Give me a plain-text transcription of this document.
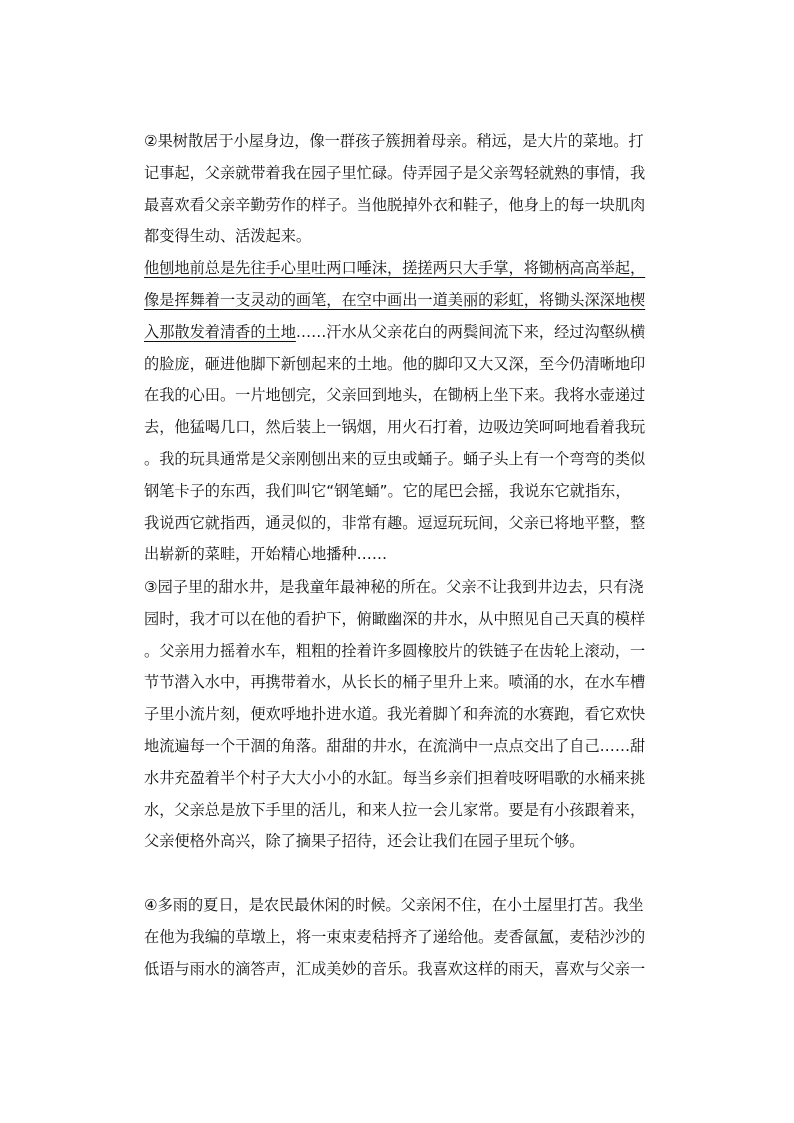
②果树散居于小屋身边，像一群孩子簇拥着母亲。稍远，是大片的菜地。打
记事起，父亲就带着我在园子里忙碌。侍弄园子是父亲驾轻就熟的事情，我
最喜欢看父亲辛勤劳作的样子。当他脱掉外衣和鞋子，他身上的每一块肌肉
都变得生动、活泼起来。
他刨地前总是先往手心里吐两口唾沫，搓搓两只大手掌，将锄柄高高举起，
像是挥舞着一支灵动的画笔，在空中画出一道美丽的彩虹，将锄头深深地楔
入那散发着清香的土地……汗水从父亲花白的两鬓间流下来，经过沟壑纵横
的脸庞，砸进他脚下新刨起来的土地。他的脚印又大又深，至今仍清晰地印
在我的心田。一片地刨完，父亲回到地头，在锄柄上坐下来。我将水壶递过
去，他猛喝几口，然后装上一锅烟，用火石打着，边吸边笑呵呵地看着我玩
。我的玩具通常是父亲刚刨出来的豆虫或蛹子。蛹子头上有一个弯弯的类似
钢笔卡子的东西，我们叫它“钢笔蛹”。它的尾巴会摇，我说东它就指东，
我说西它就指西，通灵似的，非常有趣。逗逗玩玩间，父亲已将地平整，整
出崭新的菜畦，开始精心地播种……
③园子里的甜水井，是我童年最神秘的所在。父亲不让我到井边去，只有浇
园时，我才可以在他的看护下，俯瞰幽深的井水，从中照见自己天真的模样
。父亲用力摇着水车，粗粗的拴着许多圆橡胶片的铁链子在齿轮上滚动，一
节节潜入水中，再携带着水，从长长的桶子里升上来。喷涌的水，在水车槽
子里小流片刻，便欢呼地扑进水道。我光着脚丫和奔流的水赛跑，看它欢快
地流遍每一个干涸的角落。甜甜的井水，在流淌中一点点交出了自己……甜
水井充盈着半个村子大大小小的水缸。每当乡亲们担着吱呀唱歌的水桶来挑
水，父亲总是放下手里的活儿，和来人拉一会儿家常。要是有小孩跟着来，
父亲便格外高兴，除了摘果子招待，还会让我们在园子里玩个够。
④多雨的夏日，是农民最休闲的时候。父亲闲不住，在小土屋里打苫。我坐
在他为我编的草墩上，将一束束麦秸捋齐了递给他。麦香氤氲，麦秸沙沙的
低语与雨水的滴答声，汇成美妙的音乐。我喜欢这样的雨天，喜欢与父亲一
